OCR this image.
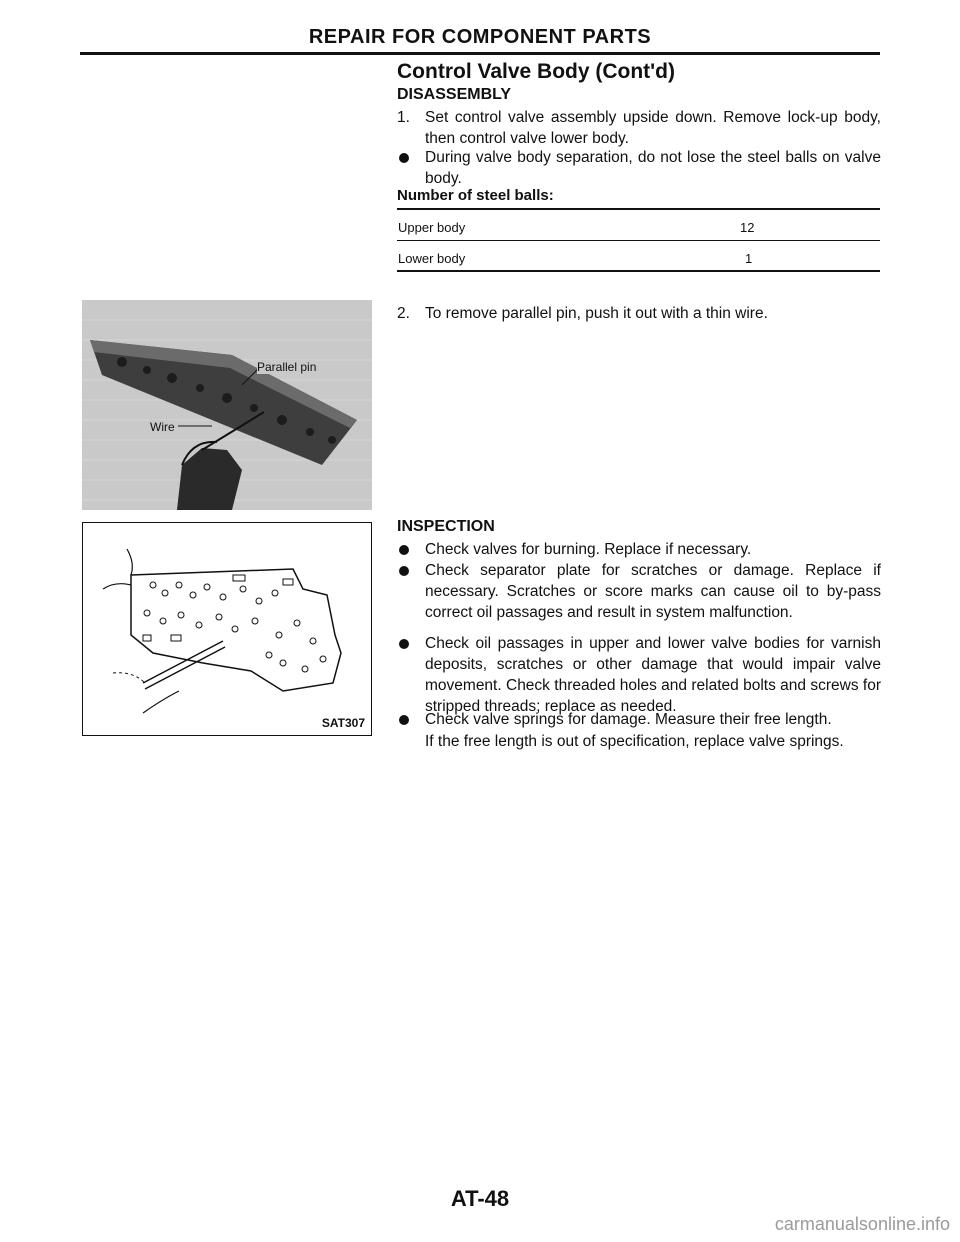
REPAIR FOR COMPONENT PARTS
Control Valve Body (Cont'd)
DISASSEMBLY
1. Set control valve assembly upside down. Remove lock-up body, then control valve lower body.
During valve body separation, do not lose the steel balls on valve body.
Number of steel balls:
Upper body	12
Lower body	1
2. To remove parallel pin, push it out with a thin wire.
Parallel pin
Wire
SAT307
INSPECTION
Check valves for burning. Replace if necessary.
Check separator plate for scratches or damage. Replace if necessary. Scratches or score marks can cause oil to by-pass correct oil passages and result in system malfunction.
Check oil passages in upper and lower valve bodies for varnish deposits, scratches or other damage that would impair valve movement. Check threaded holes and related bolts and screws for stripped threads; replace as needed.
Check valve springs for damage. Measure their free length.
If the free length is out of specification, replace valve springs.
AT-48
carmanualsonline.info
